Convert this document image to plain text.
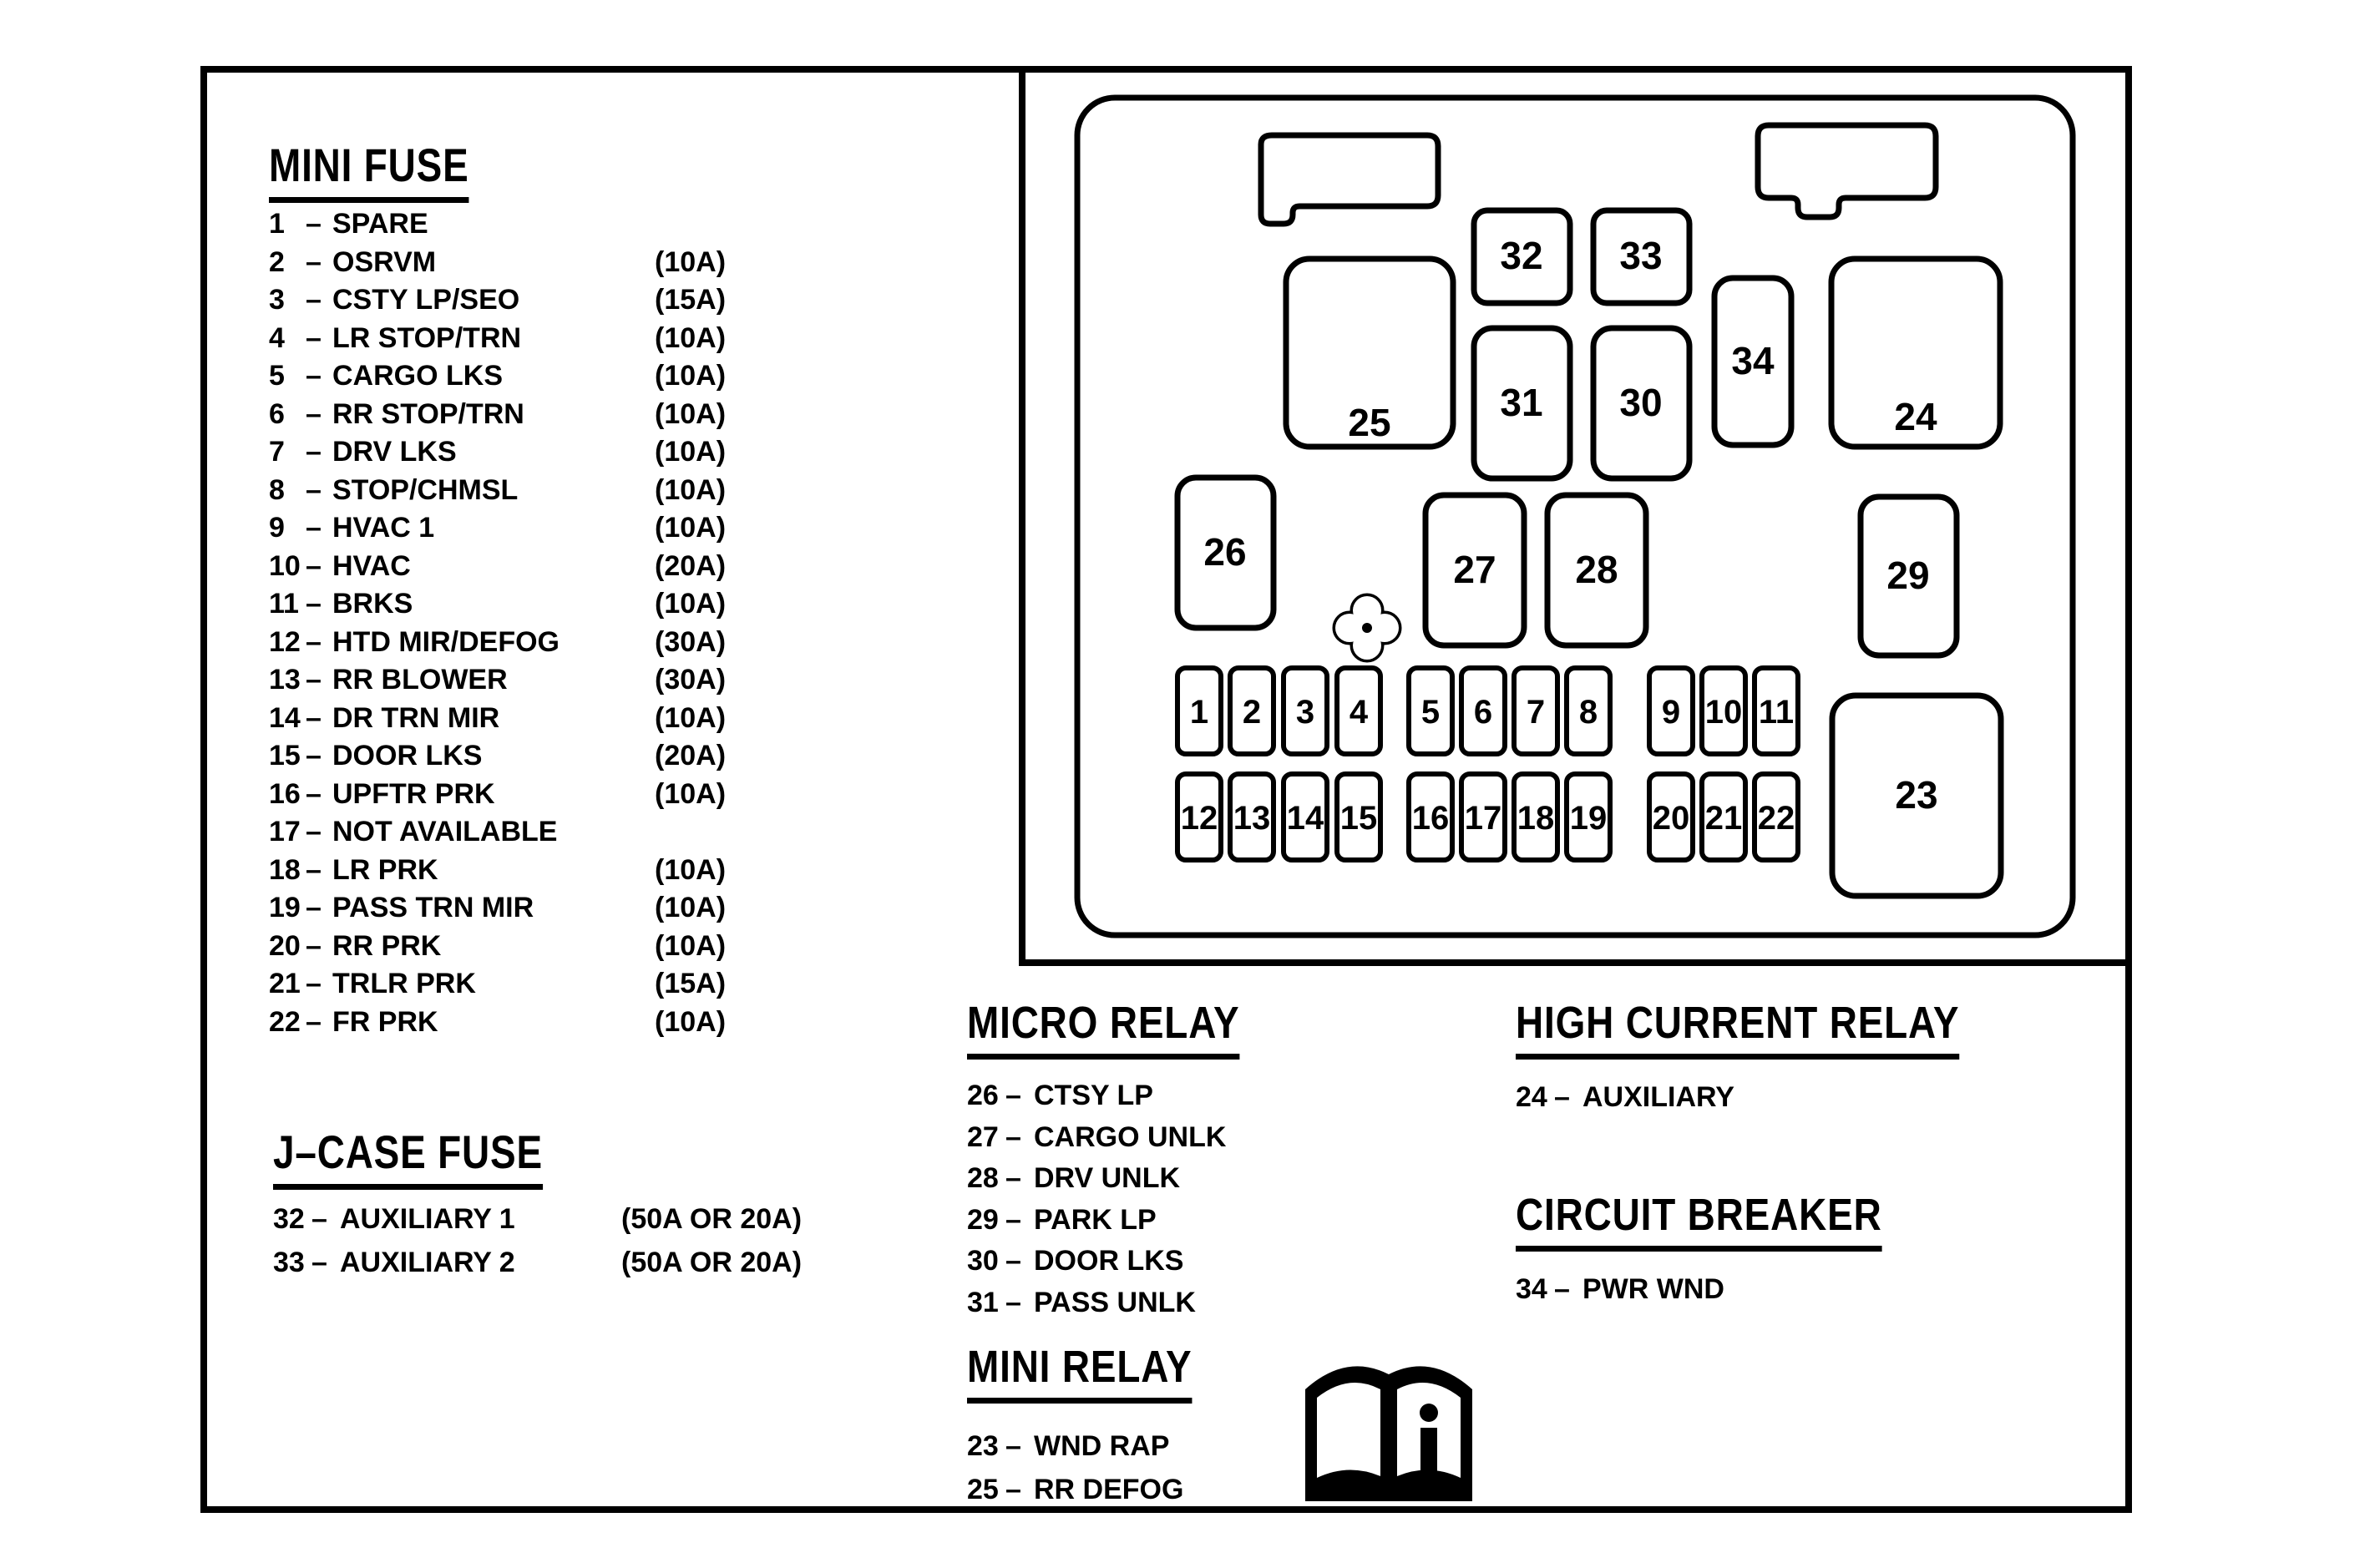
25
32 33
34
24
31 30
26	27 28	29
23
1 2 3 4 5 6 7 8 9 10 11
12 13 14 15 16 17 18 19 20 21 22
MINI FUSE
1 – SPARE
2 – OSRVM	(10A)
3 – CSTY LP/SEO	(15A)
4 – LR STOP/TRN	(10A)
5 – CARGO LKS	(10A)
6 – RR STOP/TRN	(10A)
7 – DRV LKS	(10A)
8 – STOP/CHMSL	(10A)
9 – HVAC 1	(10A)
10 – HVAC	(20A)
11 – BRKS	(10A)
12 – HTD MIR/DEFOG	(30A)
13 – RR BLOWER	(30A)
14 – DR TRN MIR	(10A)
15 – DOOR LKS	(20A)
16 – UPFTR PRK	(10A)
17 – NOT AVAILABLE
18 – LR PRK	(10A)
19 – PASS TRN MIR	(10A)
20 – RR PRK	(10A)
21 – TRLR PRK	(15A)
22 – FR PRK	(10A)
J–CASE FUSE
32 – AUXILIARY 1	(50A OR 20A)
33 – AUXILIARY 2	(50A OR 20A)
MICRO RELAY
26 – CTSY LP
27 – CARGO UNLK
28 – DRV UNLK
29 – PARK LP
30 – DOOR LKS
31 – PASS UNLK
HIGH CURRENT RELAY
24 – AUXILIARY
CIRCUIT BREAKER
34 – PWR WND
MINI RELAY
23 – WND RAP
25 – RR DEFOG
